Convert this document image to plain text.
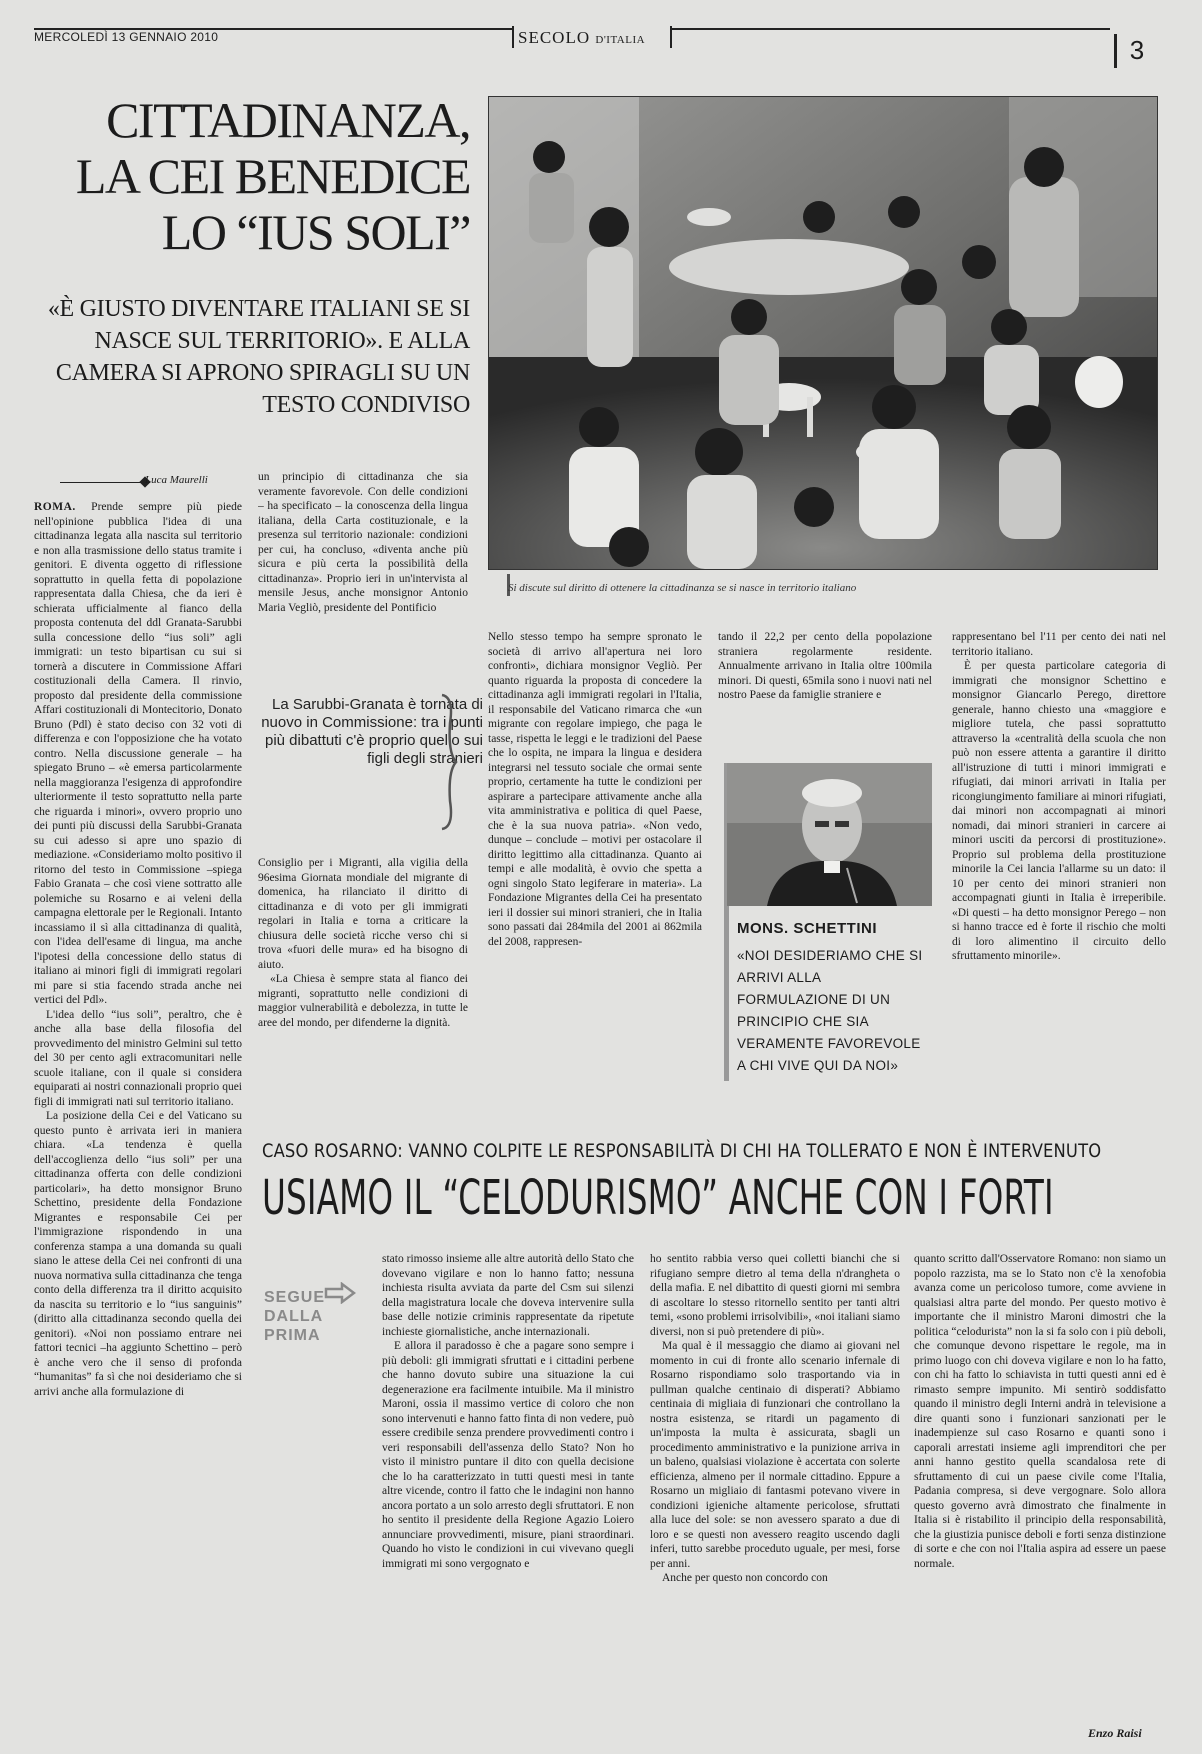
MERCOLEDÌ 13 GENNAIO 2010	SECOLO D'ITALIA	3
CITTADINANZA,
LA CEI BENEDICE
LO “IUS SOLI”
«È GIUSTO DIVENTARE ITALIANI SE SI NASCE SUL TERRITORIO». E ALLA CAMERA SI APRONO SPIRAGLI SU UN TESTO CONDIVISO
Si discute sul diritto di ottenere la cittadinanza se si nasce in territorio italiano
Luca Maurelli

ROMA. Prende sempre più piede nell'opinione pubblica l'idea di una cittadinanza legata alla nascita sul territorio e non alla trasmissione dello status tramite i genitori. E diventa oggetto di riflessione soprattutto in quella fetta di popolazione rappresentata dalla Chiesa, che da ieri è schierata ufficialmente al fianco della proposta contenuta del ddl Granata-Sarubbi sulla concessione dello “ius soli” agli immigrati: un testo bipartisan cu sui si tornerà a discutere in Commissione Affari costituzionali della Camera. Il rinvio, proposto dal presidente della commissione Affari costituzionali di Montecitorio, Donato Bruno (Pdl) è stato deciso con 32 voti di differenza e con l'opposizione che ha votato contro. Nella discussione generale – ha spiegato Bruno – «è emersa particolarmente nella maggioranza l'esigenza di approfondire ulteriormente il testo soprattutto nella parte che riguarda i minori», ovvero proprio uno dei punti più discussi della Sarubbi-Granata su cui adesso si apre uno spazio di mediazione. «Consideriamo molto positivo il ritorno del testo in Commissione –spiega Fabio Granata – che così viene sottratto alle polemiche su Rosarno e ai veleni della campagna elettorale per le Regionali. Intanto incassiamo il sì alla cittadinanza di qualità, con l'idea dell'esame di lingua, ma anche l'ipotesi della concessione dello status di italiano ai minori figli di immigrati regolari mi pare si stia facendo strada anche nei vertici del Pdl».

L'idea dello “ius soli”, peraltro, che è anche alla base della filosofia del provvedimento del ministro Gelmini sul tetto del 30 per cento agli extracomunitari nelle scuole italiane, con il quale si considera equiparati ai nostri connazionali proprio quei figli di immigrati nati sul territorio italiano.

La posizione della Cei e del Vaticano su questo punto è arrivata ieri in maniera chiara. «La tendenza è quella dell'accoglienza dello “ius soli” per una cittadinanza offerta con delle condizioni particolari», ha detto monsignor Bruno Schettino, presidente della Fondazione Migrantes e responsabile Cei per l'immigrazione rispondendo in una conferenza stampa a una domanda su quali siano le attese della Cei nei confronti di una nuova normativa sulla cittadinanza che tenga conto della differenza tra il diritto acquisito da nascita su territorio e lo “ius sanguinis” (diritto alla cittadinanza secondo quella dei genitori). «Noi non possiamo entrare nei fattori tecnici –ha aggiunto Schettino – però è anche vero che il senso di profonda “humanitas” fa sì che noi desideriamo che si arrivi anche alla formulazione di

un principio di cittadinanza che sia veramente favorevole. Con delle condizioni – ha specificato – la conoscenza della lingua italiana, della Carta costituzionale, e la presenza sul territorio nazionale: condizioni per cui, ha concluso, «diventa anche più sicura e più certa la possibilità della cittadinanza». Proprio ieri in un'intervista al mensile Jesus, anche monsignor Antonio Maria Vegliò, presidente del Pontificio

La Sarubbi-Granata è tornata di nuovo in Commissione: tra i punti più dibattuti c'è proprio quello sui figli degli stranieri

Consiglio per i Migranti, alla vigilia della 96esima Giornata mondiale del migrante di domenica, ha rilanciato il diritto di cittadinanza e di voto per gli immigrati regolari in Italia e torna a criticare la chiusura delle società ricche verso chi si trova «fuori delle mura» ed ha bisogno di aiuto.

«La Chiesa è sempre stata al fianco dei migranti, soprattutto nelle condizioni di maggior vulnerabilità e debolezza, in tutte le aree del mondo, per difenderne la dignità.

Nello stesso tempo ha sempre spronato le società di arrivo all'apertura nei loro confronti», dichiara monsignor Vegliò. Per quanto riguarda la proposta di concedere la cittadinanza agli immigrati regolari in l'Italia, il responsabile del Vaticano rimarca che «un migrante con regolare impiego, che paga le tasse, rispetta le leggi e le tradizioni del Paese che lo ospita, ne impara la lingua e desidera integrarsi nel tessuto sociale che ormai sente proprio, certamente ha tutte le condizioni per aspirare a partecipare attivamente anche alla vita amministrativa e politica di quel Paese, che è la sua nuova patria». «Non vedo, dunque – conclude – motivi per ostacolare il diritto legittimo alla cittadinanza. Quanto ai tempi e alle modalità, è ovvio che spetta a ogni singolo Stato legiferare in materia». La Fondazione Migrantes della Cei ha presentato ieri il dossier sui minori stranieri, che in Italia sono passati dai 284mila del 2001 ai 862mila del 2008, rappresen-

tando il 22,2 per cento della popolazione straniera regolarmente residente. Annualmente arrivano in Italia oltre 100mila minori. Di questi, 65mila sono i nuovi nati nel nostro Paese da famiglie straniere e

MONS. SCHETTINI
«NOI DESIDERIAMO CHE SI ARRIVI ALLA FORMULAZIONE DI UN PRINCIPIO CHE SIA VERAMENTE FAVOREVOLE A CHI VIVE QUI DA NOI»

rappresentano bel l'11 per cento dei nati nel territorio italiano.

È per questa particolare categoria di immigrati che monsignor Schettino e monsignor Giancarlo Perego, direttore generale, hanno chiesto una «maggiore e migliore tutela, che passi soprattutto attraverso la «centralità della scuola che non può non essere attenta a garantire il diritto all'istruzione di tutti i minori immigrati e rifugiati, dai minori arrivati in Italia per ricongiungimento familiare ai minori rifugiati, dai minori non accompagnati ai minori nomadi, dai minori stranieri in carcere ai minori usciti da percorsi di prostituzione». Proprio sul problema della prostituzione minorile la Cei lancia l'allarme su un dato: il 10 per cento dei minori stranieri non accompagnati giunti in Italia è irreperibile. «Di questi – ha detto monsignor Perego – non si hanno tracce ed è forte il rischio che molti di loro alimentino il circuito dello sfruttamento minorile».

CASO ROSARNO: VANNO COLPITE LE RESPONSABILITÀ DI CHI HA TOLLERATO E NON È INTERVENUTO
USIAMO IL “CELODURISMO” ANCHE CON I FORTI
SEGUE
DALLA
PRIMA

stato rimosso insieme alle altre autorità dello Stato che dovevano vigilare e non lo hanno fatto; nessuna inchiesta risulta avviata da parte del Csm sui silenzi della magistratura locale che doveva intervenire sulla base delle notizie criminis rappresentate da ripetute inchieste giornalistiche, anche internazionali.

E allora il paradosso è che a pagare sono sempre i più deboli: gli immigrati sfruttati e i cittadini perbene che hanno dovuto subire una situazione la cui degenerazione era facilmente intuibile. Ma il ministro Maroni, ossia il massimo vertice di coloro che non sono intervenuti e hanno fatto finta di non vedere, può essere credibile senza prendere provvedimenti contro i veri responsabili dell'assenza dello Stato? Non ho visto il ministro puntare il dito con quella decisione che lo ha caratterizzato in tutti questi mesi in tante altre vicende, contro il fatto che le indagini non hanno ancora portato a un solo arresto degli sfruttatori. E non ho sentito il presidente della Regione Agazio Loiero annunciare provvedimenti, misure, piani straordinari. Quando ho visto le condizioni in cui vivevano quegli immigrati mi sono vergognato e

ho sentito rabbia verso quei colletti bianchi che si rifugiano sempre dietro al tema della n'drangheta o della mafia. E nel dibattito di questi giorni mi sembra di ascoltare lo stesso ritornello sentito per tanti altri temi, «sono problemi irrisolvibili», «noi italiani siamo diversi, non si può pretendere di più».

Ma qual è il messaggio che diamo ai giovani nel momento in cui di fronte allo scenario infernale di Rosarno rispondiamo solo trasportando via in pullman qualche centinaio di disperati? Abbiamo centinaia di migliaia di funzionari che controllano la nostra esistenza, se ritardi un pagamento di un'imposta la multa è assicurata, sbagli un procedimento amministrativo e la punizione arriva in un baleno, qualsiasi violazione è accertata con solerte efficienza, almeno per il normale cittadino. Eppure a Rosarno un migliaio di fantasmi potevano vivere in condizioni igieniche altamente pericolose, sfruttati alla luce del sole: se non avessero sparato a due di loro e se questi non avessero reagito uscendo dagli inferi, tutto sarebbe proceduto uguale, per mesi, forse per anni.

Anche per questo non concordo con

quanto scritto dall'Osservatore Romano: non siamo un popolo razzista, ma se lo Stato non c'è la xenofobia avanza come un pericoloso tumore, come avviene in qualsiasi altra parte del mondo. Per questo motivo è importante che il ministro Maroni dimostri che la politica “celodurista” non la si fa solo con i più deboli, che comunque devono rispettare le regole, ma in primo luogo con chi doveva vigilare e non lo ha fatto, con chi ha fatto lo schiavista in tutti questi anni ed è rimasto sempre impunito. Mi sentirò soddisfatto quando il ministro degli Interni andrà in televisione a dire quanti sono i funzionari sanzionati per le inadempienze sul caso Rosarno e quanti sono i caporali arrestati insieme agli imprenditori che per anni hanno gestito quella scandalosa rete di sfruttamento di cui un paese civile come l'Italia, Padania compresa, si deve vergognare. Solo allora questo governo avrà dimostrato che finalmente in Italia si è ristabilito il principio della responsabilità, che la giustizia punisce deboli e forti senza distinzione di sorte e che con noi l'Italia aspira ad essere un paese normale.

Enzo Raisi
